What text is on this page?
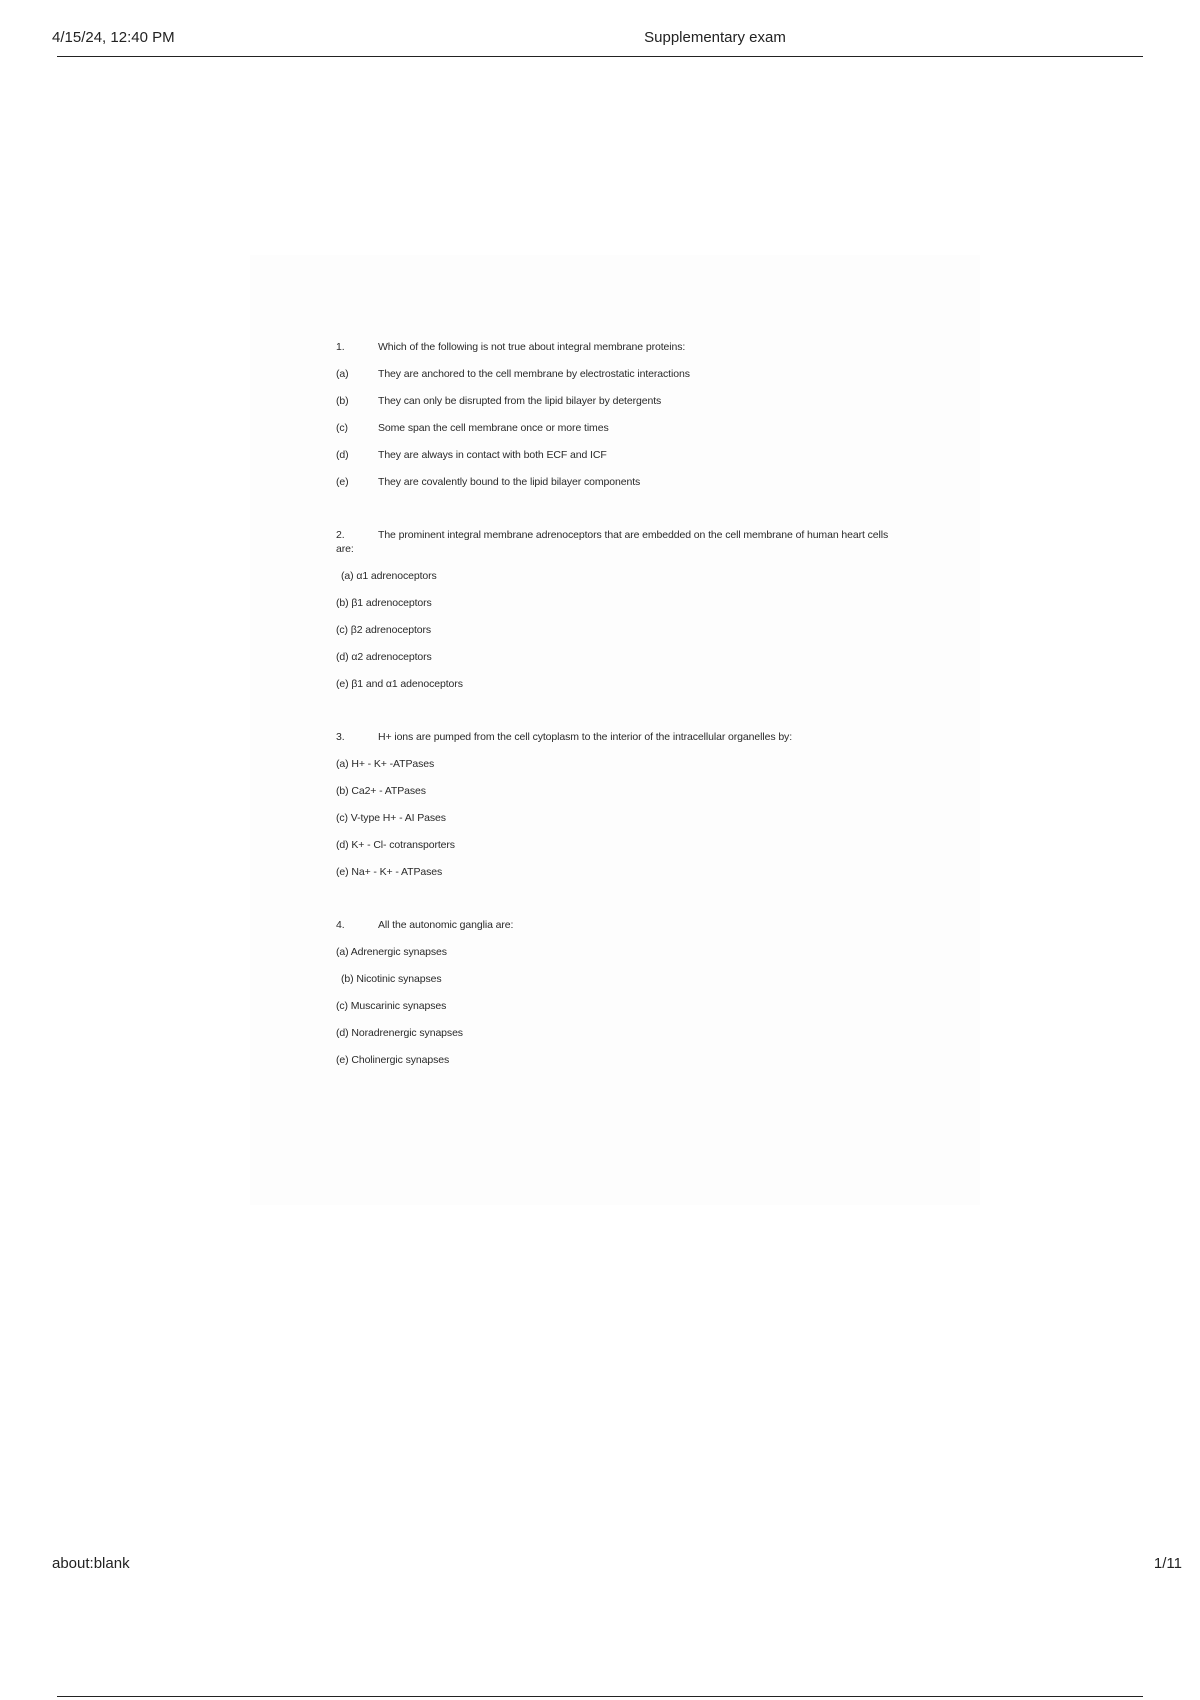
4/15/24, 12:40 PM	Supplementary exam
1.	Which of the following is not true about integral membrane proteins:
(a)	They are anchored to the cell membrane by electrostatic interactions
(b)	They can only be disrupted from the lipid bilayer by detergents
(c)	Some span the cell membrane once or more times
(d)	They are always in contact with both ECF and ICF
(e)	They are covalently bound to the lipid bilayer components
2.	The prominent integral membrane adrenoceptors that are embedded on the cell membrane of human heart cells are:
(a) α1 adrenoceptors
(b) β1 adrenoceptors
(c) β2 adrenoceptors
(d) α2 adrenoceptors
(e) β1 and α1 adenoceptors
3.	H+ ions are pumped from the cell cytoplasm to the interior of the intracellular organelles by:
(a) H+ - K+ -ATPases
(b) Ca2+ - ATPases
(c) V-type H+ - AI Pases
(d) K+ - Cl- cotransporters
(e) Na+ - K+ - ATPases
4.	All the autonomic ganglia are:
(a) Adrenergic synapses
(b) Nicotinic synapses
(c) Muscarinic synapses
(d) Noradrenergic synapses
(e) Cholinergic synapses
about:blank	1/11
